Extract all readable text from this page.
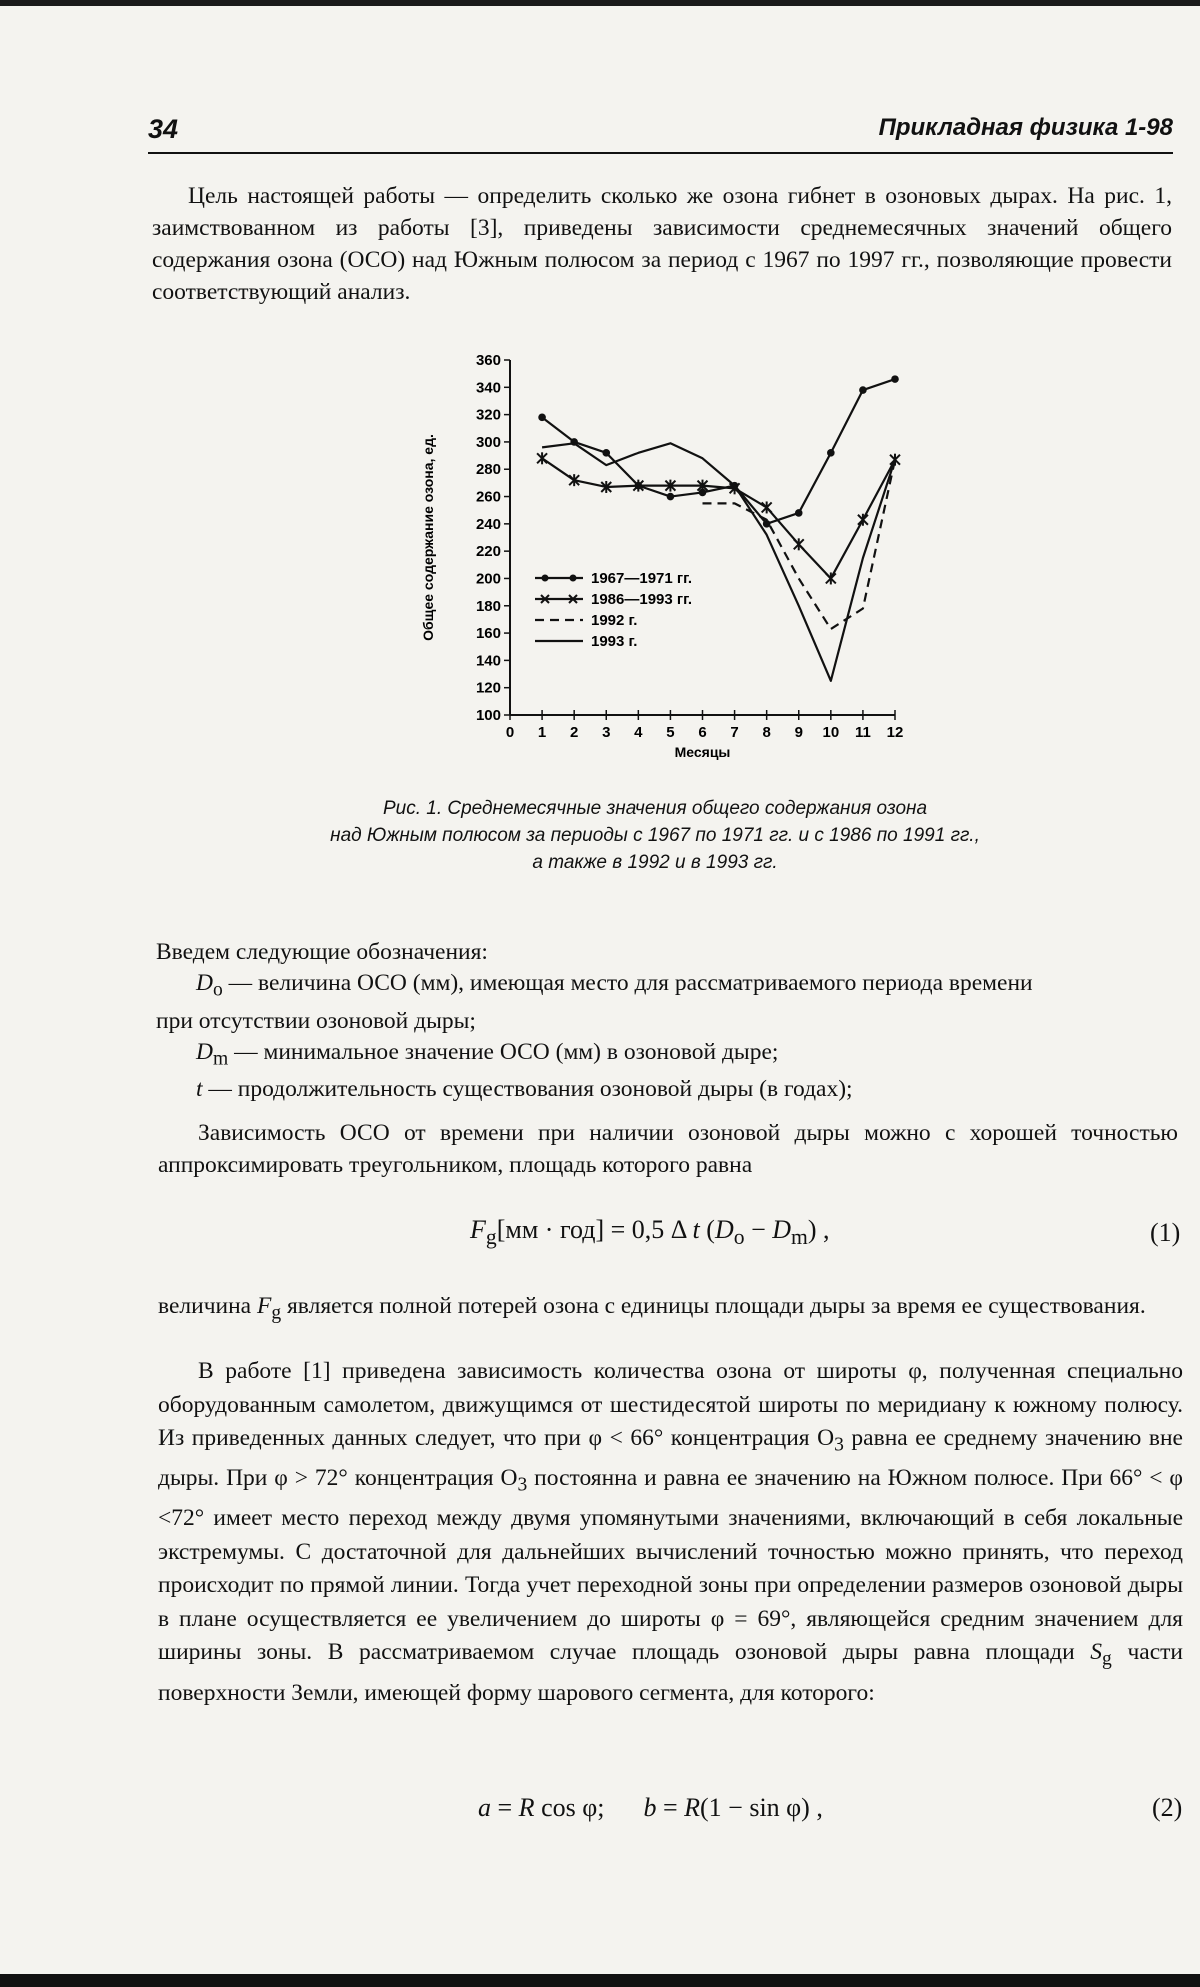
34	Прикладная физика 1-98

Цель настоящей работы — определить сколько же озона гибнет в озоновых дырах. На рис. 1, заимствованном из работы [3], приведены зависимости среднемесячных значений общего содержания озона (ОСО) над Южным полюсом за период с 1967 по 1997 гг., позволяющие провести соответствующий анализ.

100
120
140
160
180
200
220
240
260
280
300
320
340
360
0 1 2 3 4 5 6 7 8 9 10 11 12
Месяцы
Общее содержание озона, ед.	1967—1971 гг.
1986—1993 гг.
1992 г.
1993 г.
Рис. 1. Среднемесячные значения общего содержания озона
над Южным полюсом за периоды с 1967 по 1971 гг. и с 1986 по 1991 гг.,
а также в 1992 и в 1993 гг.
Введем следующие обозначения:
$D_о$ — величина ОСО (мм), имеющая место для рассматриваемого периода времени
при отсутствии озоновой дыры;
$D_m$ — минимальное значение ОСО (мм) в озоновой дыре;
t — продолжительность существования озоновой дыры (в годах);

Зависимость ОСО от времени при наличии озоновой дыры можно с хорошей точностью аппроксимировать треугольником, площадь которого равна

$F_g[мм \cdot год] = 0,5$ Δ t $(D_o - D_m)$ ,	(1)

величина $F_g$ является полной потерей озона с единицы площади дыры за время ее существования.

В работе [1] приведена зависимость количества озона от широты φ, полученная специально оборудованным самолетом, движущимся от шестидесятой широты по меридиану к южному полюсу. Из приведенных данных следует, что при φ < 66° концентрация $O_3$ равна ее среднему значению вне дыры. При φ > 72° концентрация $O_3$ постоянна и равна ее значению на Южном полюсе. При 66° < φ <72° имеет место переход между двумя упомянутыми значениями, включающий в себя локальные экстремумы. С достаточной для дальнейших вычислений точностью можно принять, что переход происходит по прямой линии. Тогда учет переходной зоны при определении размеров озоновой дыры в плане осуществляется ее увеличением до широты φ = 69°, являющейся средним значением для ширины зоны. В рассматриваемом случае площадь озоновой дыры равна площади $S_g$ части поверхности Земли, имеющей форму шарового сегмента, для которого:

a = R cos φ; b = R(1 − sin φ) ,	(2)
